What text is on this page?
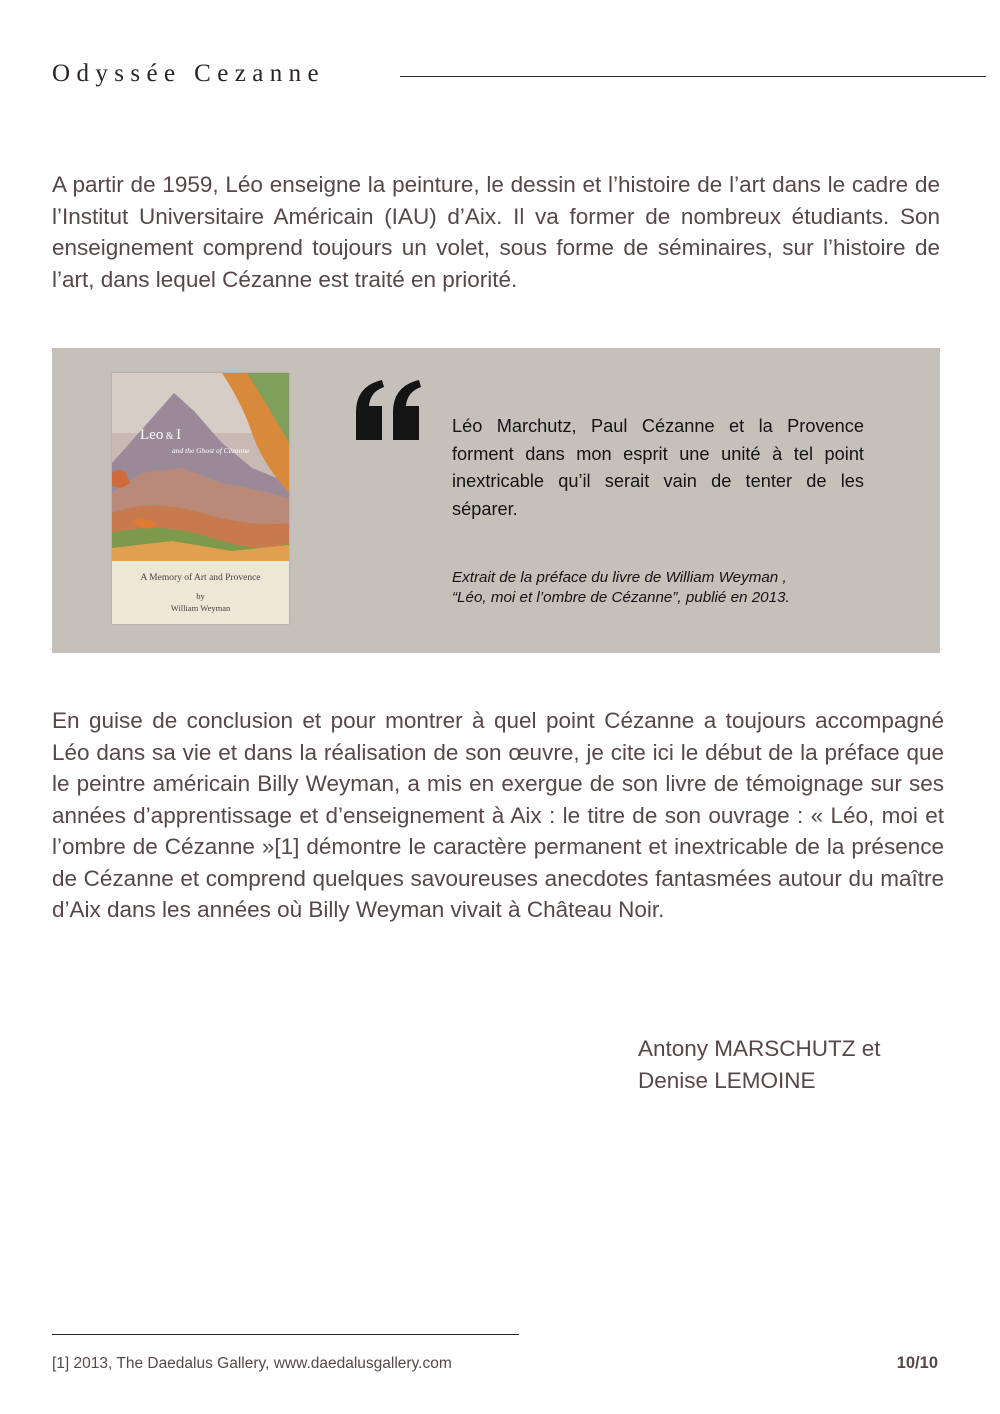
Odyssée Cezanne

A partir de 1959, Léo enseigne la peinture, le dessin et l’histoire de l’art dans le cadre de l’Institut Universitaire Américain (IAU) d’Aix. Il va former de nombreux étudiants. Son enseignement comprend toujours un volet, sous forme de séminaires, sur l’histoire de l’art, dans lequel Cézanne est traité en priorité.

Leo & I
and the Ghost of Cézanne
A Memory of Art and Provence
by
William Weyman

Léo Marchutz, Paul Cézanne et la Provence forment dans mon esprit une unité à tel point inextricable qu’il serait vain de tenter de les séparer.

Extrait de la préface du livre de William Weyman ,
“Léo, moi et l’ombre de Cézanne”, publié en 2013.

En guise de conclusion et pour montrer à quel point Cézanne a toujours accompagné Léo dans sa vie et dans la réalisation de son œuvre, je cite ici le début de la préface que le peintre américain Billy Weyman, a mis en exergue de son livre de témoignage sur ses années d’apprentissage et d’enseignement à Aix : le titre de son ouvrage : « Léo, moi et l’ombre de Cézanne »[1] démontre le caractère permanent et inextricable de la présence de Cézanne et comprend quelques savoureuses anecdotes fantasmées autour du maître d’Aix dans les années où Billy Weyman vivait à Château Noir.

Antony MARSCHUTZ et
Denise LEMOINE

[1] 2013, The Daedalus Gallery, www.daedalusgallery.com	10/10
